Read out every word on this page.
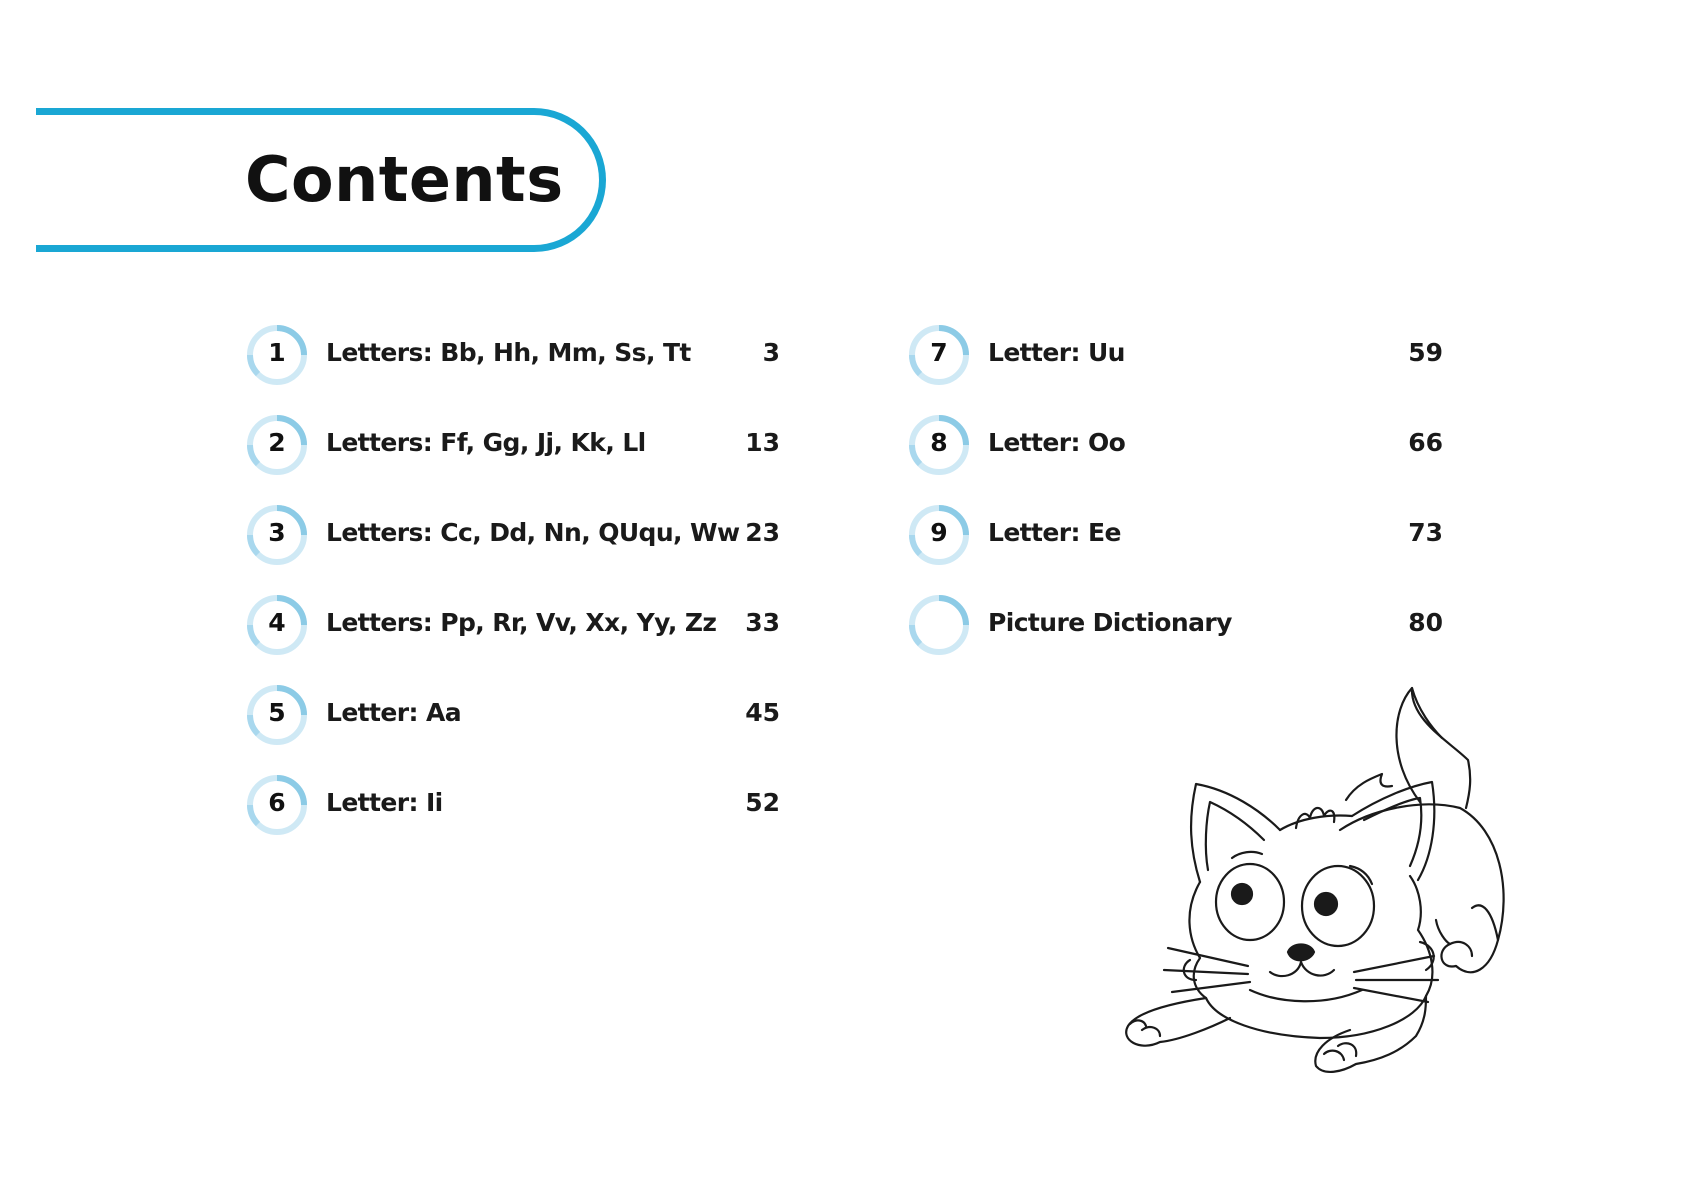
Contents
1	Letters: Bb, Hh, Mm, Ss, Tt	3
2	Letters: Ff, Gg, Jj, Kk, Ll	13
3	Letters: Cc, Dd, Nn, QUqu, Ww 23
4	Letters: Pp, Rr, Vv, Xx, Yy, Zz	33
5	Letter: Aa	45
6	Letter: Ii	52
7	Letter: Uu	59
8	Letter: Oo	66
9	Letter: Ee	73
Picture Dictionary	80
